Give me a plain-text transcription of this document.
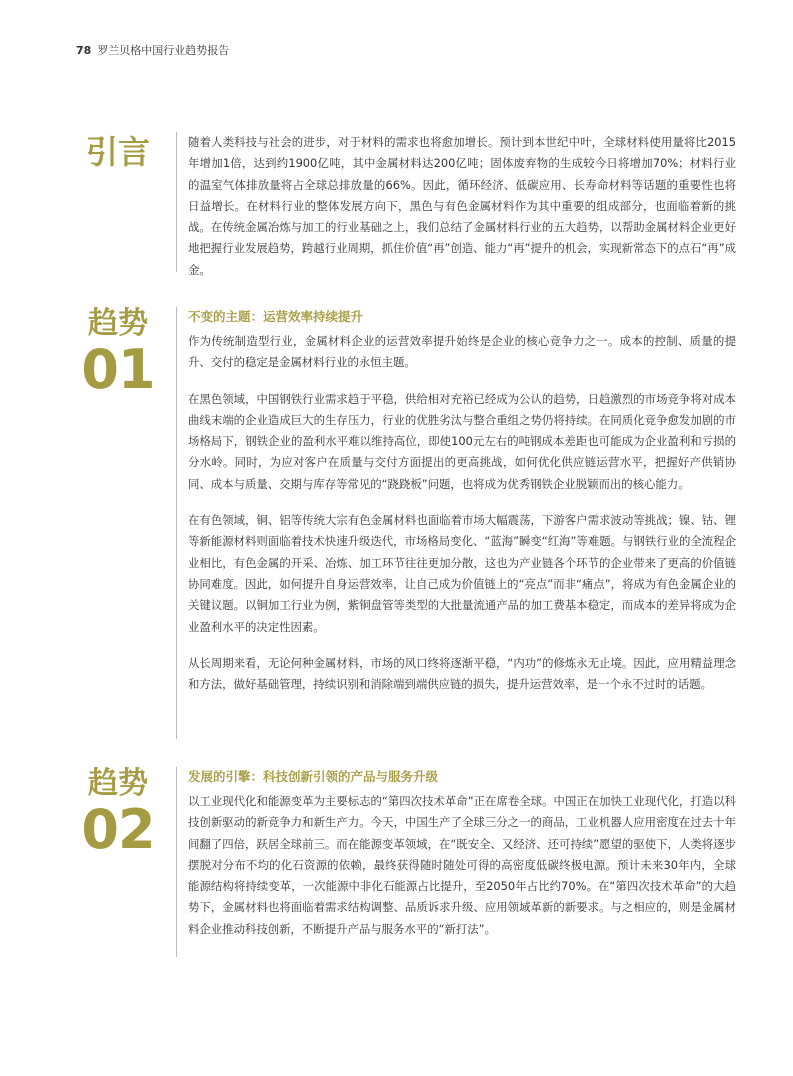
78 罗兰贝格中国行业趋势报告
引言	随着人类科技与社会的进步，对于材料的需求也将愈加增长。预计到本世纪中叶，全球材料使用量将比2015年增加1倍，达到约1900亿吨，其中金属材料达200亿吨；固体废弃物的生成较今日将增加70%；材料行业的温室气体排放量将占全球总排放量的66%。因此，循环经济、低碳应用、长寿命材料等话题的重要性也将日益增长。在材料行业的整体发展方向下，黑色与有色金属材料作为其中重要的组成部分，也面临着新的挑战。在传统金属冶炼与加工的行业基础之上，我们总结了金属材料行业的五大趋势，以帮助金属材料企业更好地把握行业发展趋势，跨越行业周期，抓住价值“再”创造、能力“再”提升的机会，实现新常态下的点石“再”成金。

趋势
01
不变的主题：运营效率持续提升

作为传统制造型行业，金属材料企业的运营效率提升始终是企业的核心竞争力之一。成本的控制、质量的提升、交付的稳定是金属材料行业的永恒主题。

在黑色领域，中国钢铁行业需求趋于平稳，供给相对充裕已经成为公认的趋势，日趋激烈的市场竞争将对成本曲线末端的企业造成巨大的生存压力，行业的优胜劣汰与整合重组之势仍将持续。在同质化竞争愈发加剧的市场格局下，钢铁企业的盈利水平难以维持高位，即使100元左右的吨钢成本差距也可能成为企业盈利和亏损的分水岭。同时，为应对客户在质量与交付方面提出的更高挑战，如何优化供应链运营水平，把握好产供销协同、成本与质量、交期与库存等常见的“跷跷板”问题，也将成为优秀钢铁企业脱颖而出的核心能力。

在有色领域，铜、铝等传统大宗有色金属材料也面临着市场大幅震荡，下游客户需求波动等挑战；镍、钴、锂等新能源材料则面临着技术快速升级迭代，市场格局变化、“蓝海”瞬变“红海”等难题。与钢铁行业的全流程企业相比，有色金属的开采、冶炼、加工环节往往更加分散，这也为产业链各个环节的企业带来了更高的价值链协同难度。因此，如何提升自身运营效率，让自己成为价值链上的“亮点”而非“痛点”，将成为有色金属企业的关键议题。以铜加工行业为例，紫铜盘管等类型的大批量流通产品的加工费基本稳定，而成本的差异将成为企业盈利水平的决定性因素。

从长周期来看，无论何种金属材料，市场的风口终将逐渐平稳，“内功”的修炼永无止境。因此，应用精益理念和方法，做好基础管理，持续识别和消除端到端供应链的损失，提升运营效率，是一个永不过时的话题。

趋势
02
发展的引擎：科技创新引领的产品与服务升级

以工业现代化和能源变革为主要标志的“第四次技术革命”正在席卷全球。中国正在加快工业现代化，打造以科技创新驱动的新竞争力和新生产力。今天，中国生产了全球三分之一的商品，工业机器人应用密度在过去十年间翻了四倍，跃居全球前三。而在能源变革领域，在“既安全、又经济、还可持续”愿望的驱使下，人类将逐步摆脱对分布不均的化石资源的依赖，最终获得随时随处可得的高密度低碳终极电源。预计未来30年内，全球能源结构将持续变革，一次能源中非化石能源占比提升，至2050年占比约70%。在“第四次技术革命”的大趋势下，金属材料也将面临着需求结构调整、品质诉求升级、应用领域革新的新要求。与之相应的，则是金属材料企业推动科技创新，不断提升产品与服务水平的“新打法”。
